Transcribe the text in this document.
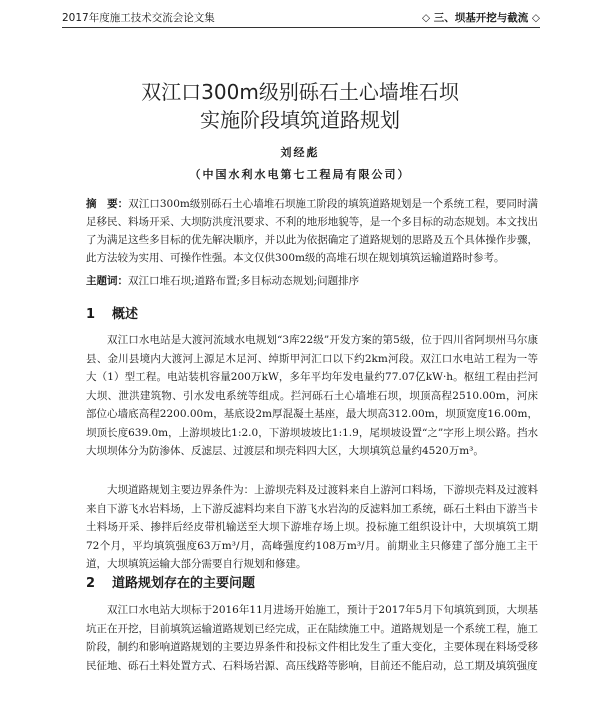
2017年度施工技术交流会论文集	◇ 三、坝基开挖与截流 ◇
双江口300m级别砾石土心墙堆石坝
实施阶段填筑道路规划
刘经彪
（中国水利水电第七工程局有限公司）

摘　要：双江口300m级别砾石土心墙堆石坝施工阶段的填筑道路规划是一个系统工程，要同时满足移民、料场开采、大坝防洪度汛要求、不利的地形地貌等，是一个多目标的动态规划。本文找出了为满足这些多目标的优先解决顺序，并以此为依据确定了道路规划的思路及五个具体操作步骤，此方法较为实用、可操作性强。本文仅供300m级的高堆石坝在规划填筑运输道路时参考。

主题词：双江口堆石坝;道路布置;多目标动态规划;问题排序

1 概述

双江口水电站是大渡河流域水电规划“3库22级”开发方案的第5级，位于四川省阿坝州马尔康县、金川县境内大渡河上源足木足河、绰斯甲河汇口以下约2km河段。双江口水电站工程为一等大（1）型工程。电站装机容量200万kW，多年平均年发电量约77.07亿kW·h。枢纽工程由拦河大坝、泄洪建筑物、引水发电系统等组成。拦河砾石土心墙堆石坝，坝顶高程2510.00m，河床部位心墙底高程2200.00m，基底设2m厚混凝土基座，最大坝高312.00m，坝顶宽度16.00m，坝顶长度639.0m，上游坝坡比1:2.0，下游坝坡坡比1:1.9，尾坝坡设置“之”字形上坝公路。挡水大坝坝体分为防渗体、反滤层、过渡层和坝壳料四大区，大坝填筑总量约4520万m³。

大坝道路规划主要边界条件为：上游坝壳料及过渡料来自上游河口料场，下游坝壳料及过渡料来自下游飞水岩料场，上下游反滤料均来自下游飞水岩沟的反滤料加工系统，砾石土料由下游当卡土料场开采、掺拌后经皮带机输送至大坝下游堆存场上坝。投标施工组织设计中，大坝填筑工期72个月，平均填筑强度63万m³/月，高峰强度约108万m³/月。前期业主只修建了部分施工主干道，大坝填筑运输大部分需要自行规划和修建。

2 道路规划存在的主要问题

双江口水电站大坝标于2016年11月进场开始施工，预计于2017年5月下旬填筑到顶，大坝基坑正在开挖，目前填筑运输道路规划已经完成，正在陆续施工中。道路规划是一个系统工程，施工阶段，制约和影响道路规划的主要边界条件和投标文件相比发生了重大变化，主要体现在料场受移民征地、砾石土料处置方式、石料场岩源、高压线路等影响，目前还不能启动，总工期及填筑强度
